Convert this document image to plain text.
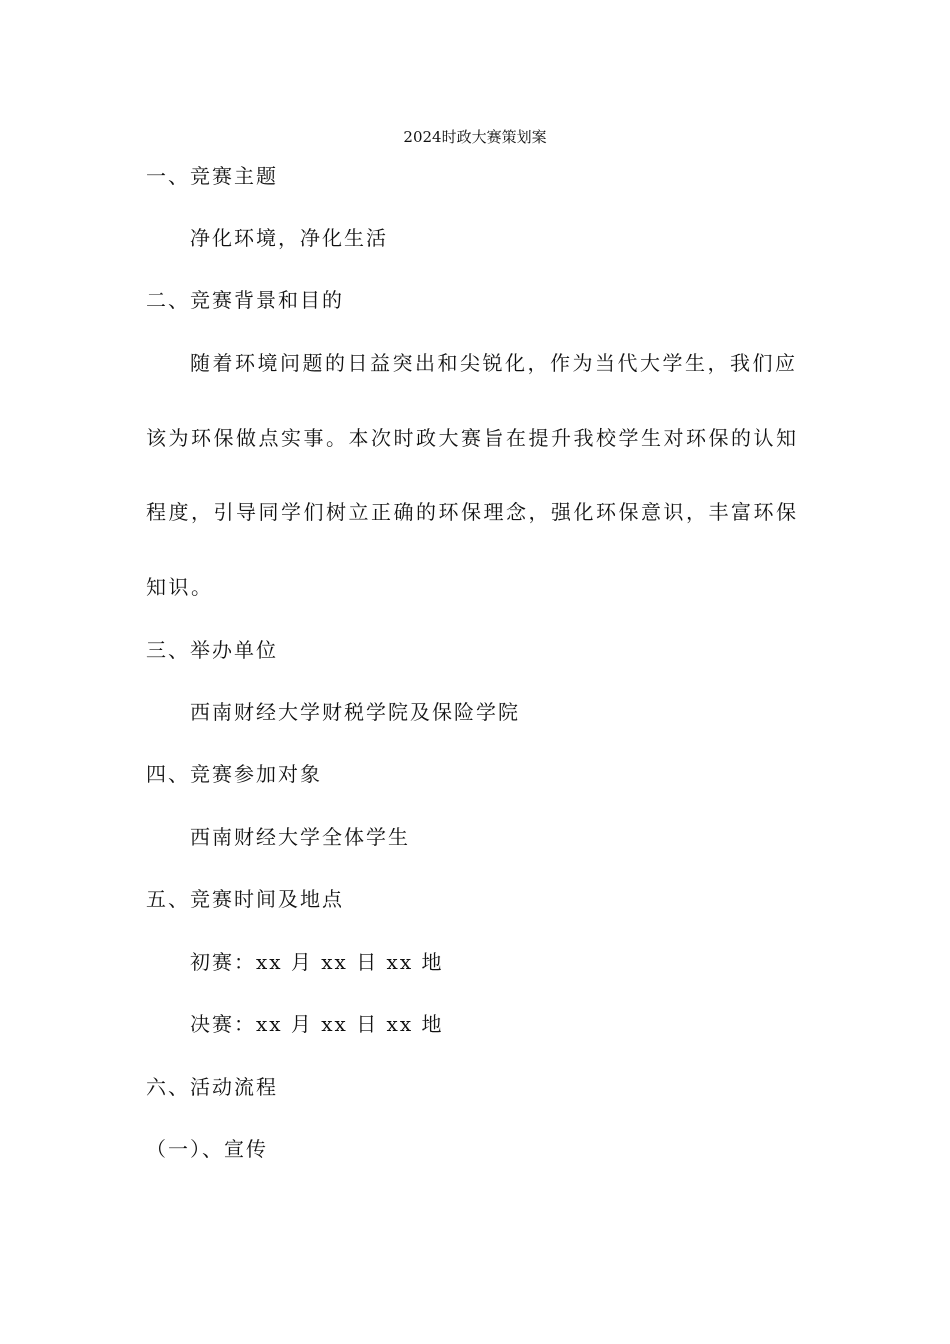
2024时政大赛策划案
一、竞赛主题
净化环境，净化生活
二、竞赛背景和目的
随着环境问题的日益突出和尖锐化，作为当代大学生，我们应
该为环保做点实事。本次时政大赛旨在提升我校学生对环保的认知
程度，引导同学们树立正确的环保理念，强化环保意识，丰富环保
知识。
三、举办单位
西南财经大学财税学院及保险学院
四、竞赛参加对象
西南财经大学全体学生
五、竞赛时间及地点
初赛：xx 月 xx 日 xx 地
决赛：xx 月 xx 日 xx 地
六、活动流程
（一）、宣传
